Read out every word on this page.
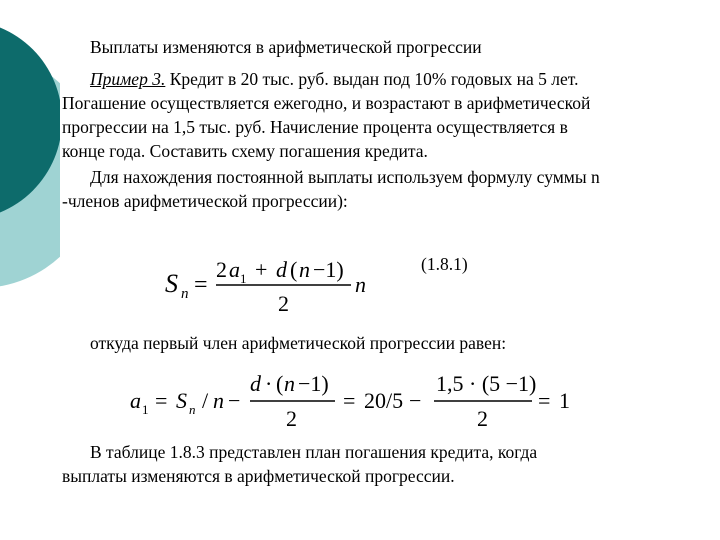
Выплаты изменяются в арифметической прогрессии
Пример 3. Кредит в 20 тыс. руб. выдан под 10% годовых на 5 лет.
Погашение осуществляется ежегодно, и возрастают в арифметической
прогрессии на 1,5 тыс. руб. Начисление процента осуществляется в
конце года. Составить схему погашения кредита.
Для нахождения постоянной выплаты используем формулу суммы n
-членов арифметической прогрессии):
(1.8.1)
S n =
2 a 1 + d ( n −1)
2
n
a 1 = S n / n −
d · ( n −1)
2
= 20/5 −
1,5 · (5 −1)
2
= 1
откуда первый член арифметической прогрессии равен:
В таблице 1.8.3 представлен план погашения кредита, когда
выплаты изменяются в арифметической прогрессии.
